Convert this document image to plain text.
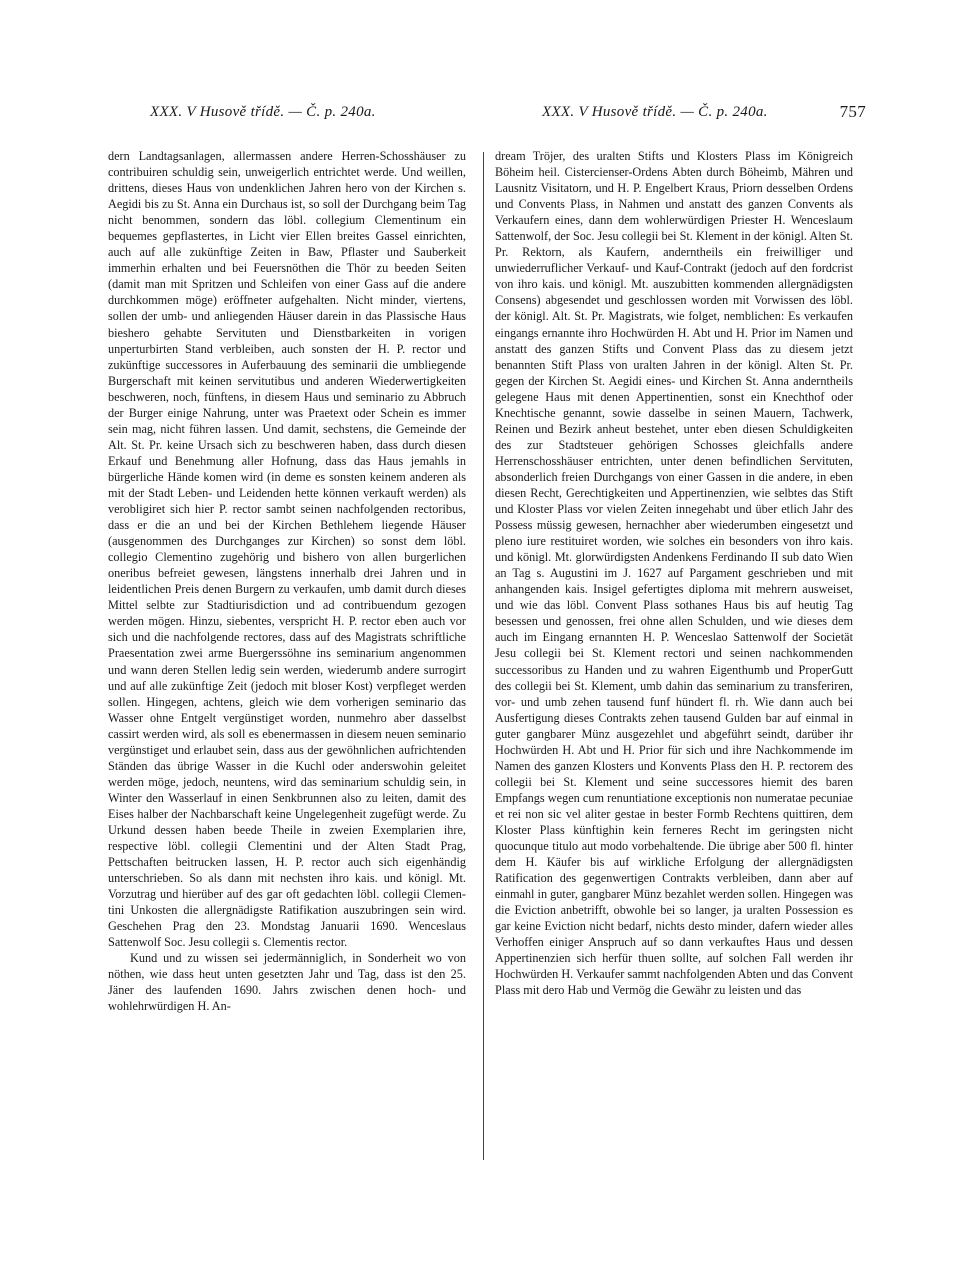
XXX. V Husově třídě. — Č. p. 240a.	XXX. V Husově třídě. — Č. p. 240a.	757

dern Landtagsanlagen, allermassen andere Herren-Schosshäuser zu contribuiren schuldig sein, unweigerlich entrichtet werde. Und weillen, drittens, dieses Haus von undenklichen Jahren hero von der Kirchen s. Aegidi bis zu St. Anna ein Durchaus ist, so soll der Durchgang beim Tag nicht benommen, sondern das löbl. collegium Clementinum ein bequemes gepflastertes, in Licht vier Ellen breites Gassel einrichten, auch auf alle zukünftige Zeiten in Baw, Pflaster und Sauberkeit immerhin erhalten und bei Feuersnöthen die Thör zu beeden Seiten (damit man mit Spritzen und Schleifen von einer Gass auf die andere durchkommen möge) eröffneter aufgehalten. Nicht minder, viertens, sollen der umb- und anliegenden Häuser darein in das Plassische Haus bieshero gehabte Servituten und Dienstbarkeiten in vorigen unperturbirten Stand verbleiben, auch sonsten der H. P. rector und zukünftige successores in Auferbauung des seminarii die umbliegende Burgerschaft mit keinen servitutibus und anderen Wiederwertigkeiten beschweren, noch, fünftens, in diesem Haus und seminario zu Abbruch der Burger einige Nahrung, unter was Praetext oder Schein es immer sein mag, nicht führen lassen. Und damit, sechstens, die Gemeinde der Alt. St. Pr. keine Ursach sich zu beschweren haben, dass durch diesen Erkauf und Benehmung aller Hofnung, dass das Haus jemahls in bürgerliche Hände komen wird (in deme es sonsten keinem anderen als mit der Stadt Leben- und Leidenden hette können verkauft werden) als verobligiret sich hier P. rector sambt seinen nachfolgenden rectoribus, dass er die an und bei der Kirchen Bethlehem liegende Häuser (ausgenommen des Durchganges zur Kirchen) so sonst dem löbl. collegio Clementino zugehörig und bishero von allen burgerlichen oneribus befreiet gewesen, längstens innerhalb drei Jahren und in leidentlichen Preis denen Burgern zu verkaufen, umb damit durch dieses Mittel selbte zur Stadtiurisdiction und ad contribuendum gezogen werden mögen. Hinzu, siebentes, verspricht H. P. rector eben auch vor sich und die nachfolgende rectores, dass auf des Magistrats schriftliche Praesentation zwei arme Buergerssöhne ins seminarium angenommen und wann deren Stellen ledig sein werden, wiederumb andere surrogirt und auf alle zukünftige Zeit (jedoch mit bloser Kost) verpfleget werden sollen. Hingegen, achtens, gleich wie dem vorherigen seminario das Wasser ohne Entgelt vergünstiget worden, nunmehro aber dasselbst cassirt werden wird, als soll es ebenermassen in diesem neuen seminario vergünstiget und erlaubet sein, dass aus der gewöhnlichen aufrichtenden Ständen das übrige Wasser in die Kuchl oder anderswohin geleitet werden möge, jedoch, neuntens, wird das seminarium schuldig sein, in Winter den Wasserlauf in einen Senkbrunnen also zu leiten, damit des Eises halber der Nachbarschaft keine Ungelegenheit zugefügt werde. Zu Urkund dessen haben beede Theile in zweien Exemplarien ihre, respective löbl. collegii Clementini und der Alten Stadt Prag, Pettschaften beitrucken lassen, H. P. rector auch sich eigenhändig unterschrieben. So als dann mit nechsten ihro kais. und königl. Mt. Vorzutrag und hierüber auf des gar oft gedachten löbl. collegii Clementini Unkosten die allergnädigste Ratifikation auszubringen sein wird. Geschehen Prag den 23. Mondstag Januarii 1690. Wenceslaus Sattenwolf Soc. Jesu collegii s. Clementis rector.

Kund und zu wissen sei jedermänniglich, in Sonderheit wo von nöthen, wie dass heut unten gesetzten Jahr und Tag, dass ist den 25. Jäner des laufenden 1690. Jahrs zwischen denen hoch- und wohlehrwürdigen H. An-

dream Tröjer, des uralten Stifts und Klosters Plass im Königreich Böheim heil. Cistercienser-Ordens Abten durch Böheimb, Mähren und Lausnitz Visitatorn, und H. P. Engelbert Kraus, Priorn desselben Ordens und Convents Plass, in Nahmen und anstatt des ganzen Convents als Verkaufern eines, dann dem wohlerwürdigen Priester H. Wenceslaum Sattenwolf, der Soc. Jesu collegii bei St. Klement in der königl. Alten St. Pr. Rektorn, als Kaufern, anderntheils ein freiwilliger und unwiederruflicher Verkauf- und Kauf-Contrakt (jedoch auf den fordcrist von ihro kais. und königl. Mt. auszubitten kommenden allergnädigsten Consens) abgesendet und geschlossen worden mit Vorwissen des löbl. der königl. Alt. St. Pr. Magistrats, wie folget, nemblichen: Es verkaufen eingangs ernannte ihro Hochwürden H. Abt und H. Prior im Namen und anstatt des ganzen Stifts und Convent Plass das zu diesem jetzt benannten Stift Plass von uralten Jahren in der königl. Alten St. Pr. gegen der Kirchen St. Aegidi eines- und Kirchen St. Anna anderntheils gelegene Haus mit denen Appertinentien, sonst ein Knechthof oder Knechtische genannt, sowie dasselbe in seinen Mauern, Tachwerk, Reinen und Bezirk anheut bestehet, unter eben diesen Schuldigkeiten des zur Stadtsteuer gehörigen Schosses gleichfalls andere Herrenschosshäuser entrichten, unter denen befindlichen Servituten, absonderlich freien Durchgangs von einer Gassen in die andere, in eben diesen Recht, Gerechtigkeiten und Appertinenzien, wie selbtes das Stift und Kloster Plass vor vielen Zeiten innegehabt und über etlich Jahr des Possess müssig gewesen, hernachher aber wiederumben eingesetzt und pleno iure restituiret worden, wie solches ein besonders von ihro kais. und königl. Mt. glorwürdigsten Andenkens Ferdinando II sub dato Wien an Tag s. Augustini im J. 1627 auf Pargament geschrieben und mit anhangenden kais. Insigel gefertigtes diploma mit mehrern ausweiset, und wie das löbl. Convent Plass sothanes Haus bis auf heutig Tag besessen und genossen, frei ohne allen Schulden, und wie dieses dem auch im Eingang ernannten H. P. Wenceslao Sattenwolf der Societät Jesu collegii bei St. Klement rectori und seinen nachkommenden successoribus zu Handen und zu wahren Eigenthumb und ProperGutt des collegii bei St. Klement, umb dahin das seminarium zu transferiren, vor- und umb zehen tausend funf hündert fl. rh. Wie dann auch bei Ausfertigung dieses Contrakts zehen tausend Gulden bar auf einmal in guter gangbarer Münz ausgezehlet und abgeführt seindt, darüber ihr Hochwürden H. Abt und H. Prior für sich und ihre Nachkommende im Namen des ganzen Klosters und Konvents Plass den H. P. rectorem des collegii bei St. Klement und seine successores hiemit des baren Empfangs wegen cum renuntiatione exceptionis non numeratae pecuniae et rei non sic vel aliter gestae in bester Formb Rechtens quittiren, dem Kloster Plass künftighin kein ferneres Recht im geringsten nicht quocunque titulo aut modo vorbehaltende. Die übrige aber 500 fl. hinter dem H. Käufer bis auf wirkliche Erfolgung der allergnädigsten Ratification des gegenwertigen Contrakts verbleiben, dann aber auf einmahl in guter, gangbarer Münz bezahlet werden sollen. Hingegen was die Eviction anbetrifft, obwohle bei so langer, ja uralten Possession es gar keine Eviction nicht bedarf, nichts desto minder, dafern wieder alles Verhoffen einiger Anspruch auf so dann verkauftes Haus und dessen Appertinenzien sich herfür thuen sollte, auf solchen Fall werden ihr Hochwürden H. Verkaufer sammt nachfolgenden Abten und das Convent Plass mit dero Hab und Vermög die Gewähr zu leisten und das
